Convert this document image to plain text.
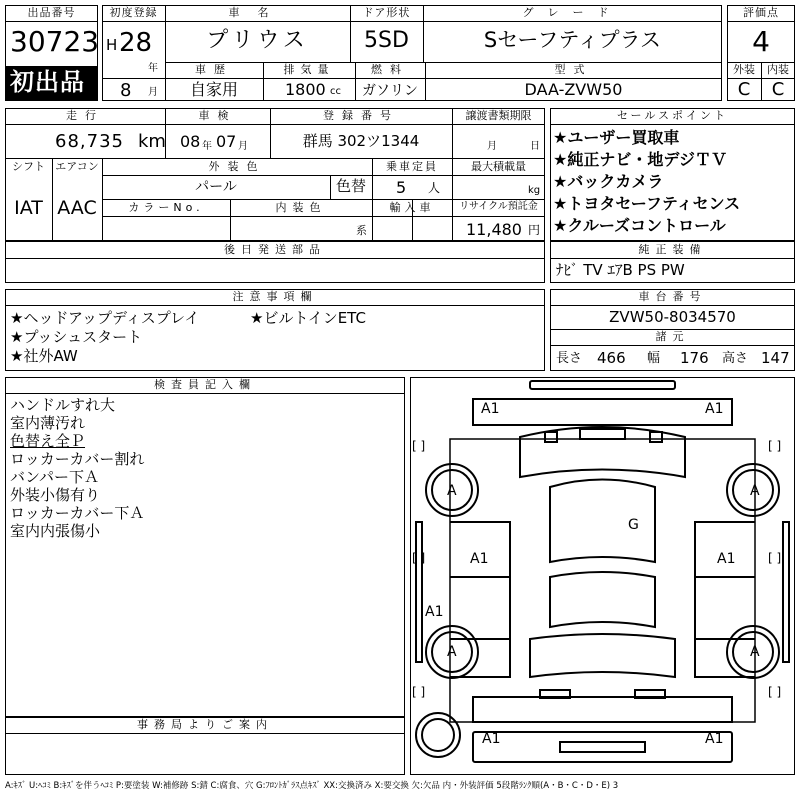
出品番号
30723
初出品
初度登録
H 28
年
8 月
車名
プリウス
ドア形状
5SD
グレード
Sセーフティプラス
車歴
自家用
排気量
1800 cc
燃料
ガソリン
型式
DAA-ZVW50
評価点
4
外装	内装
C	C
走行
68,735 km
車検
08 年 07 月
登録番号
群馬 302ツ1344
譲渡書類期限
月	日
シフト
IAT
エアコン
AAC
外装色
パール	色替
乗車定員
5 人
最大積載量
kg
カラーNo.	内装色
系
輸入車	リサイクル預託金
11,480 円
後日発送部品
セールスポイント
★ユーザー買取車
★純正ナビ・地デジＴＶ
★バックカメラ
★トヨタセーフティセンス
★クルーズコントロール
純正装備
ﾅﾋﾞ TV ｴｱB PS PW
注意事項欄
★ヘッドアップディスプレイ	★ビルトインETC
★プッシュスタート
★社外AW
車台番号
ZVW50-8034570
諸元
長さ 466 幅 176 高さ 147
検査員記入欄
ハンドルすれ大
室内薄汚れ
色替え全Ｐ
ロッカーカバー割れ
バンパー下Ａ
外装小傷有り
ロッカーカバー下Ａ
室内内張傷小
事務局よりご案内
A1	A1
[ ]	[ ]
A	A
G
A1	A1
[ ]	[ ]
A1
A	A
[ ]	[ ]
A1	A1
A:ｷｽﾞ U:ﾍｺﾐ B:ｷｽﾞを伴うﾍｺﾐ P:要塗装 W:補修跡 S:錆 C:腐食、穴 G:ﾌﾛﾝﾄｶﾞﾗｽ点ｷｽﾞ XX:交換済み X:要交換 欠:欠品 内・外装評価 5段階ﾗﾝｸ順(A・B・C・D・E) 3
